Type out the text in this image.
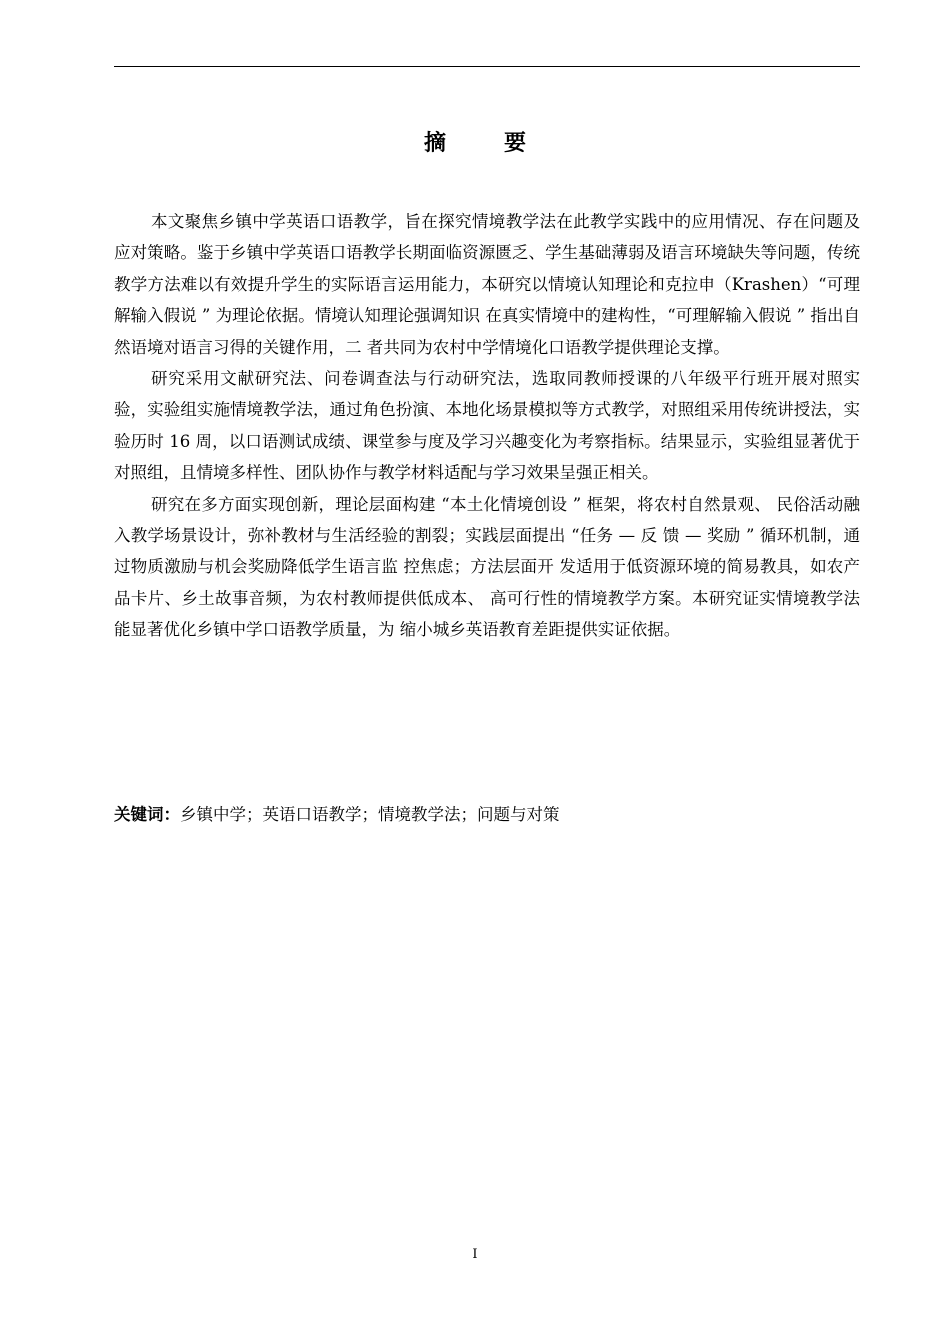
摘　要

本文聚焦乡镇中学英语口语教学，旨在探究情境教学法在此教学实践中的应用情况、存在问题及应对策略。鉴于乡镇中学英语口语教学长期面临资源匮乏、学生基础薄弱及语言环境缺失等问题，传统教学方法难以有效提升学生的实际语言运用能力，本研究以情境认知理论和克拉申（Krashen）“可理解输入假说 ” 为理论依据。情境认知理论强调知识 在真实情境中的建构性，“可理解输入假说 ” 指出自然语境对语言习得的关键作用，二 者共同为农村中学情境化口语教学提供理论支撑。

研究采用文献研究法、问卷调查法与行动研究法，选取同教师授课的八年级平行班开展对照实验，实验组实施情境教学法，通过角色扮演、本地化场景模拟等方式教学，对照组采用传统讲授法，实验历时 16 周，以口语测试成绩、课堂参与度及学习兴趣变化为考察指标。结果显示，实验组显著优于对照组，且情境多样性、团队协作与教学材料适配与学习效果呈强正相关。

研究在多方面实现创新，理论层面构建 “本土化情境创设 ” 框架，将农村自然景观、 民俗活动融入教学场景设计，弥补教材与生活经验的割裂；实践层面提出 “任务 — 反 馈 — 奖励 ” 循环机制，通过物质激励与机会奖励降低学生语言监 控焦虑；方法层面开 发适用于低资源环境的简易教具，如农产品卡片、乡土故事音频，为农村教师提供低成本、 高可行性的情境教学方案。本研究证实情境教学法能显著优化乡镇中学口语教学质量，为 缩小城乡英语教育差距提供实证依据。

关键词：乡镇中学；英语口语教学；情境教学法；问题与对策
I
